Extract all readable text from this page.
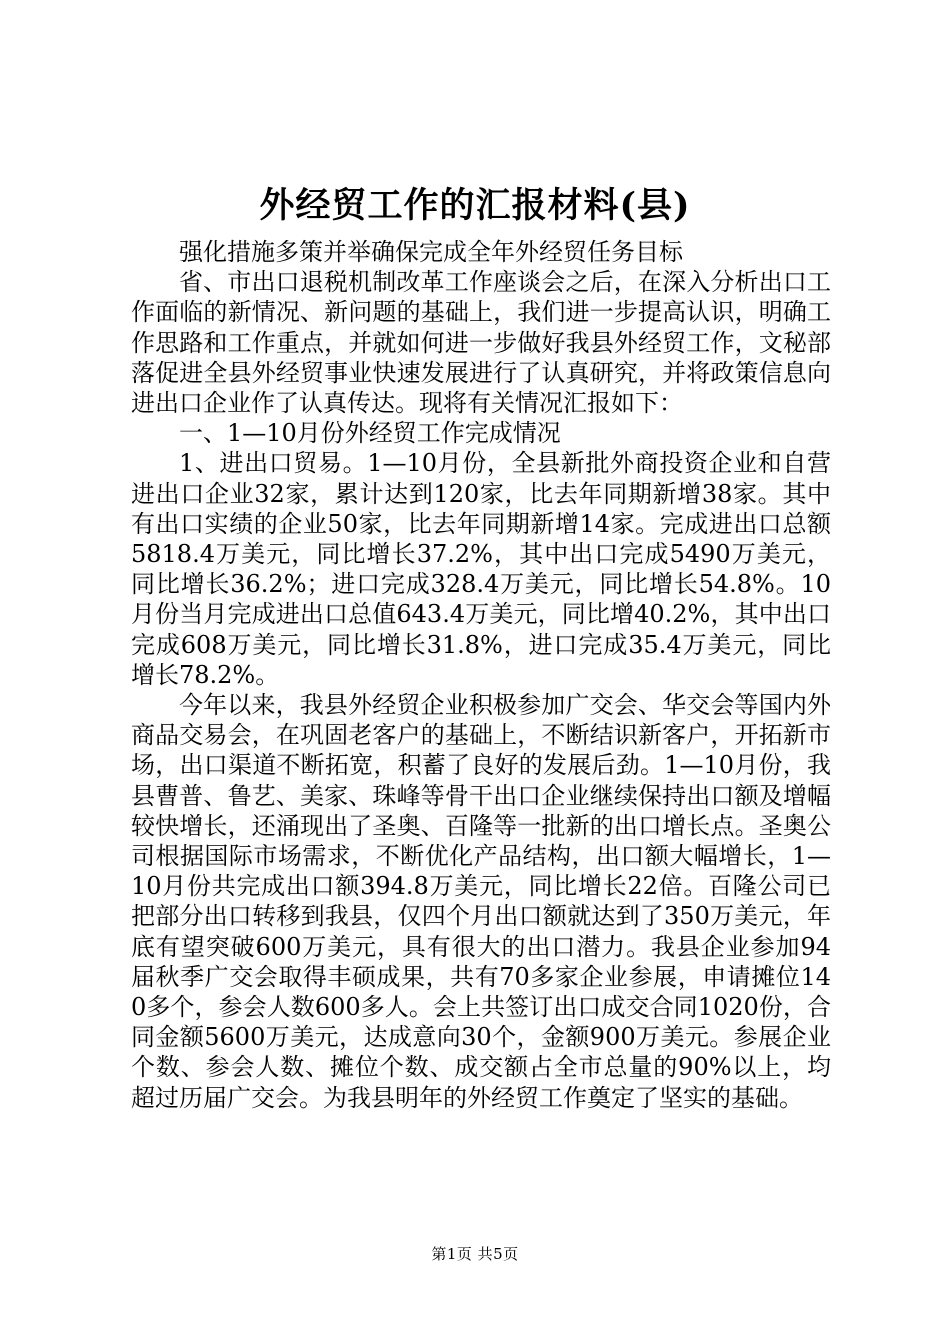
外经贸工作的汇报材料(县)

强化措施多策并举确保完成全年外经贸任务目标

省、市出口退税机制改革工作座谈会之后，在深入分析出口工作面临的新情况、新问题的基础上，我们进一步提高认识，明确工作思路和工作重点，并就如何进一步做好我县外经贸工作，文秘部落促进全县外经贸事业快速发展进行了认真研究，并将政策信息向进出口企业作了认真传达。现将有关情况汇报如下：

一、1—10月份外经贸工作完成情况

1、进出口贸易。1—10月份，全县新批外商投资企业和自营进出口企业32家，累计达到120家，比去年同期新增38家。其中有出口实绩的企业50家，比去年同期新增14家。完成进出口总额5818.4万美元，同比增长37.2%，其中出口完成5490万美元，同比增长36.2%；进口完成328.4万美元，同比增长54.8%。10月份当月完成进出口总值643.4万美元，同比增40.2%，其中出口完成608万美元，同比增长31.8%，进口完成35.4万美元，同比增长78.2%。

今年以来，我县外经贸企业积极参加广交会、华交会等国内外商品交易会，在巩固老客户的基础上，不断结识新客户，开拓新市场，出口渠道不断拓宽，积蓄了良好的发展后劲。1—10月份，我县曹普、鲁艺、美家、珠峰等骨干出口企业继续保持出口额及增幅较快增长，还涌现出了圣奥、百隆等一批新的出口增长点。圣奥公司根据国际市场需求，不断优化产品结构，出口额大幅增长，1—10月份共完成出口额394.8万美元，同比增长22倍。百隆公司已把部分出口转移到我县，仅四个月出口额就达到了350万美元，年底有望突破600万美元，具有很大的出口潜力。我县企业参加94届秋季广交会取得丰硕成果，共有70多家企业参展，申请摊位140多个，参会人数600多人。会上共签订出口成交合同1020份，合同金额5600万美元，达成意向30个，金额900万美元。参展企业个数、参会人数、摊位个数、成交额占全市总量的90%以上，均超过历届广交会。为我县明年的外经贸工作奠定了坚实的基础。

第1页 共5页
